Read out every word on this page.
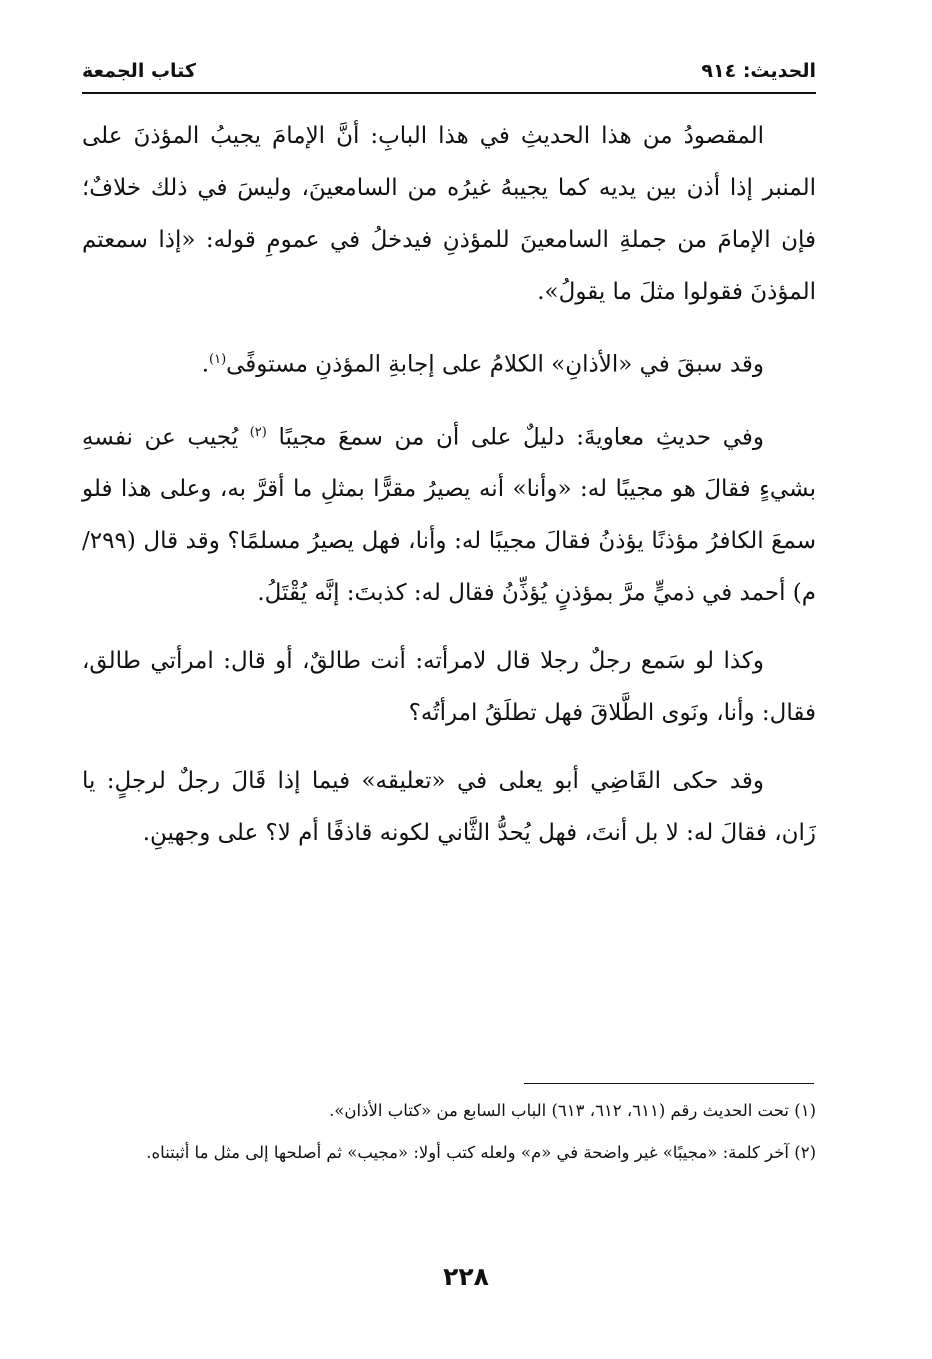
الحديث: ٩١٤
كتاب الجمعة

المقصودُ من هذا الحديثِ في هذا البابِ: أنَّ الإمامَ يجيبُ المؤذنَ على المنبر إذا أذن بين يديه كما يجيبهُ غيرُه من السامعينَ، وليسَ في ذلك خلافٌ؛ فإن الإمامَ من جملةِ السامعينَ للمؤذنِ فيدخلُ في عمومِ قوله: «إذا سمعتم المؤذنَ فقولوا مثلَ ما يقولُ».

وقد سبقَ في «الأذانِ» الكلامُ على إجابةِ المؤذنِ مستوفًى$^{(١)}$.

وفي حديثِ معاويةَ: دليلٌ على أن من سمعَ مجيبًا $^{(٢)}$ يُجيب عن نفسهِ بشيءٍ فقالَ هو مجيبًا له: «وأنا» أنه يصيرُ مقرًّا بمثلِ ما أقرَّ به، وعلى هذا فلو سمعَ الكافرُ مؤذنًا يؤذنُ فقالَ مجيبًا له: وأنا، فهل يصيرُ مسلمًا؟ وقد قال (٢٩٩/م) أحمد في ذميٍّ مرَّ بمؤذنٍ يُؤذِّنُ فقال له: كذبتَ: إنَّه يُقْتَلُ.

وكذا لو سَمع رجلٌ رجلا قال لامرأته: أنت طالقٌ، أو قال: امرأتي طالق، فقال: وأنا، ونَوى الطَّلاقَ فهل تطلَقُ امرأتُه؟

وقد حكى القَاضِي أبو يعلى في «تعليقه» فيما إذا قَالَ رجلٌ لرجلٍ: يا زَان، فقالَ له: لا بل أنتَ، فهل يُحدُّ الثَّاني لكونه قاذفًا أم لا؟ على وجهينِ.

(١) تحت الحديث رقم (٦١١، ٦١٢، ٦١٣) الباب السابع من «كتاب الأذان».

(٢) آخر كلمة: «مجيبًا» غير واضحة في «م» ولعله كتب أولا: «مجيب» ثم أصلحها إلى مثل ما أثبتناه.

٢٢٨
